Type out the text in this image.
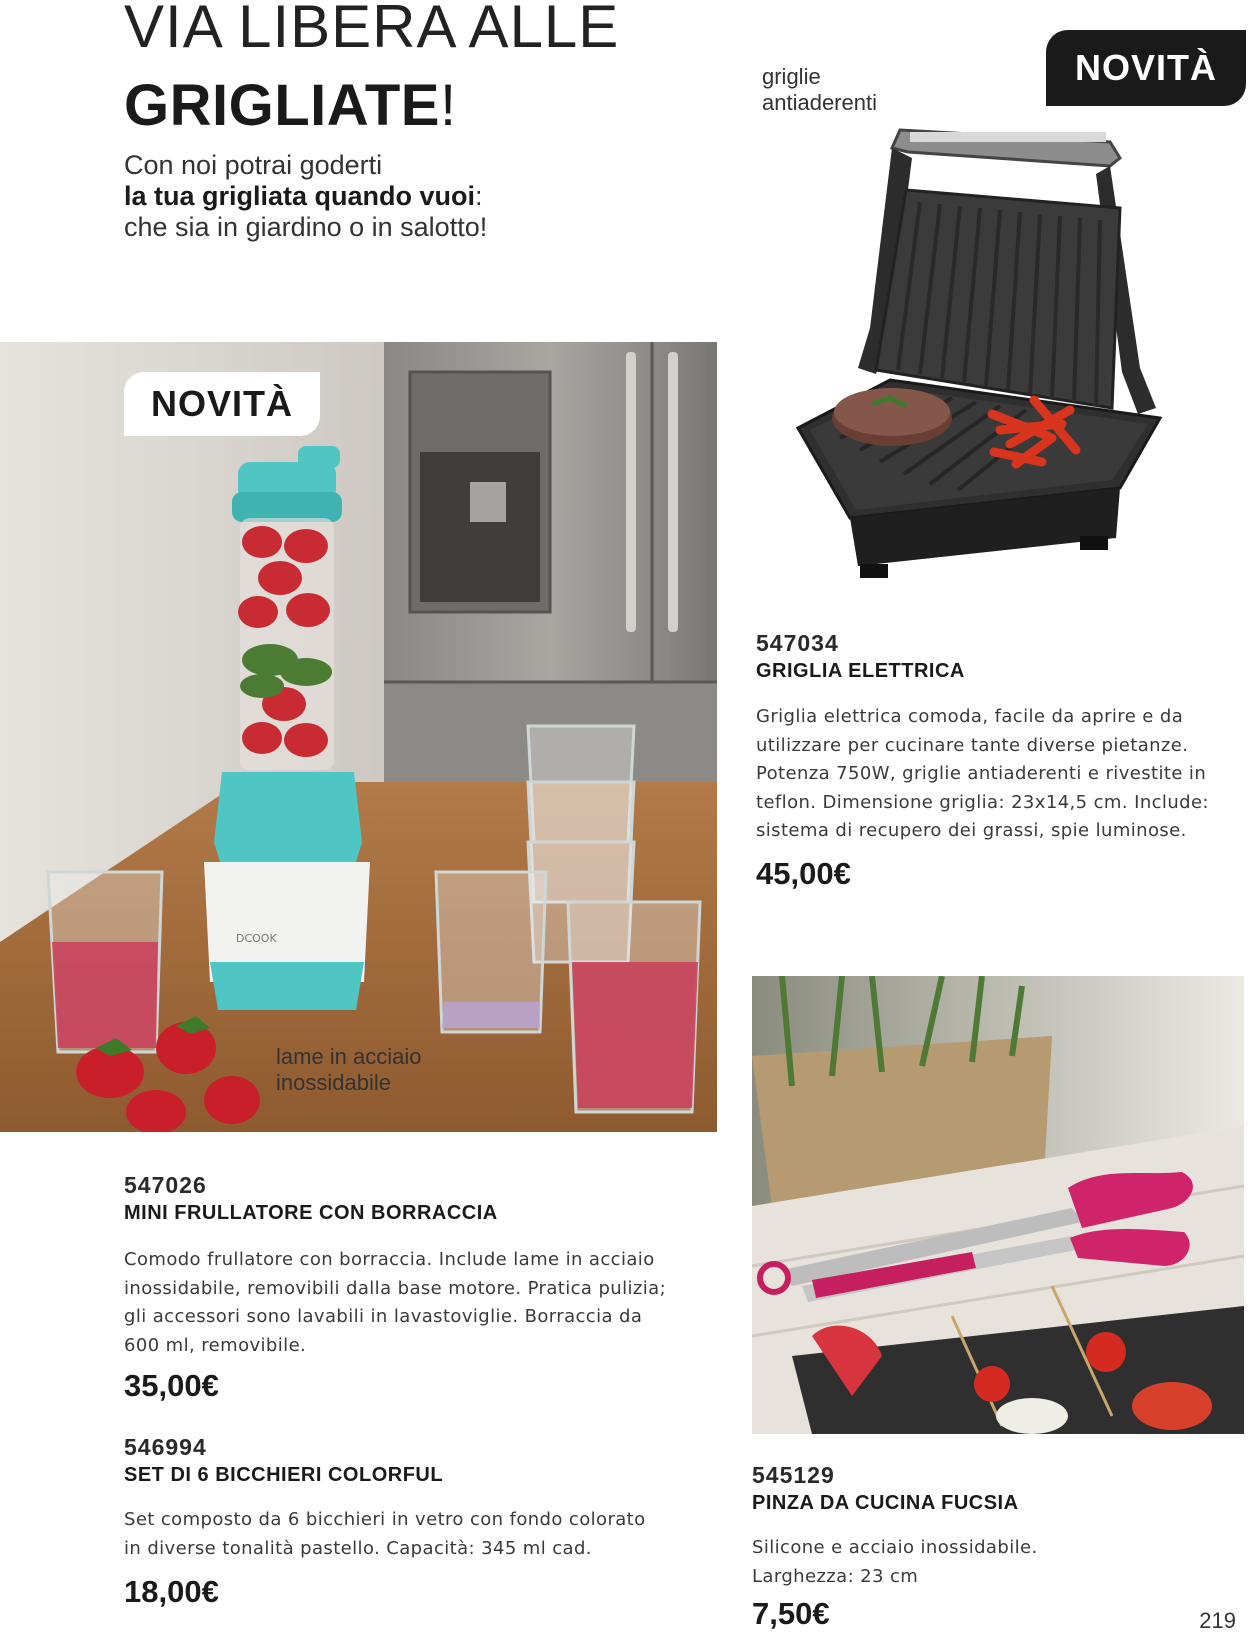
VIA LIBERA ALLE
GRIGLIATE!
Con noi potrai goderti
la tua grigliata quando vuoi:
che sia in giardino o in salotto!
NOVITÀ
griglie
antiaderenti
547034
GRIGLIA ELETTRICA
Griglia elettrica comoda, facile da aprire e da
utilizzare per cucinare tante diverse pietanze.
Potenza 750W, griglie antiaderenti e rivestite in
teflon. Dimensione griglia: 23x14,5 cm. Include:
sistema di recupero dei grassi, spie luminose.
45,00€
DCOOK
NOVITÀ
lame in acciaio
inossidabile
547026
MINI FRULLATORE CON BORRACCIA
Comodo frullatore con borraccia. Include lame in acciaio
inossidabile, removibili dalla base motore. Pratica pulizia;
gli accessori sono lavabili in lavastoviglie. Borraccia da
600 ml, removibile.
35,00€
546994
SET DI 6 BICCHIERI COLORFUL
Set composto da 6 bicchieri in vetro con fondo colorato
in diverse tonalità pastello. Capacità: 345 ml cad.
18,00€
545129
PINZA DA CUCINA FUCSIA
Silicone e acciaio inossidabile.
Larghezza: 23 cm
7,50€	219
